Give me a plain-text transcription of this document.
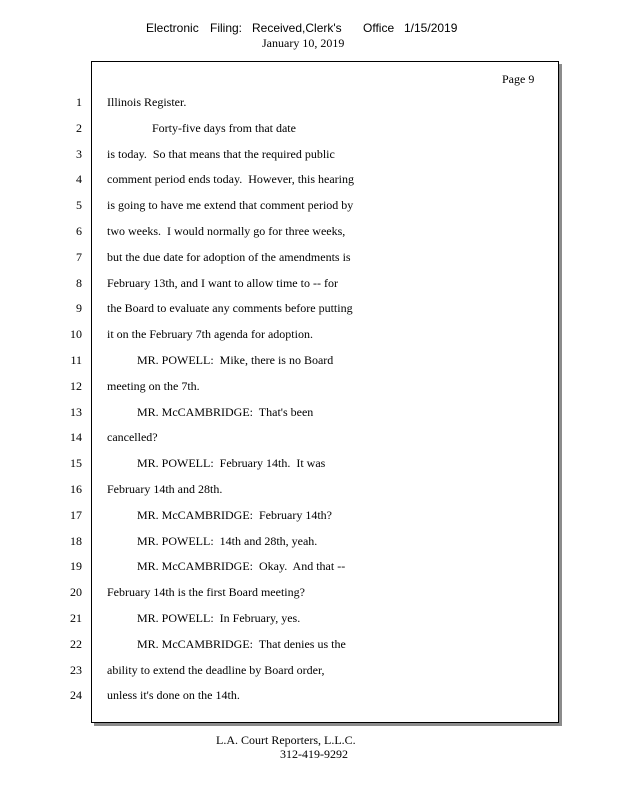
Electronic Filing: Received,Clerk's Office 1/15/2019
January 10, 2019
Page 9
1 Illinois Register.
2 Forty-five days from that date
3 is today.  So that means that the required public
4 comment period ends today.  However, this hearing
5 is going to have me extend that comment period by
6 two weeks.  I would normally go for three weeks,
7 but the due date for adoption of the amendments is
8 February 13th, and I want to allow time to -- for
9 the Board to evaluate any comments before putting
10 it on the February 7th agenda for adoption.
11 MR. POWELL:  Mike, there is no Board
12 meeting on the 7th.
13 MR. McCAMBRIDGE:  That's been
14 cancelled?
15 MR. POWELL:  February 14th.  It was
16 February 14th and 28th.
17 MR. McCAMBRIDGE:  February 14th?
18 MR. POWELL:  14th and 28th, yeah.
19 MR. McCAMBRIDGE:  Okay.  And that --
20 February 14th is the first Board meeting?
21 MR. POWELL:  In February, yes.
22 MR. McCAMBRIDGE:  That denies us the
23 ability to extend the deadline by Board order,
24 unless it's done on the 14th.
L.A. Court Reporters, L.L.C.
312-419-9292
